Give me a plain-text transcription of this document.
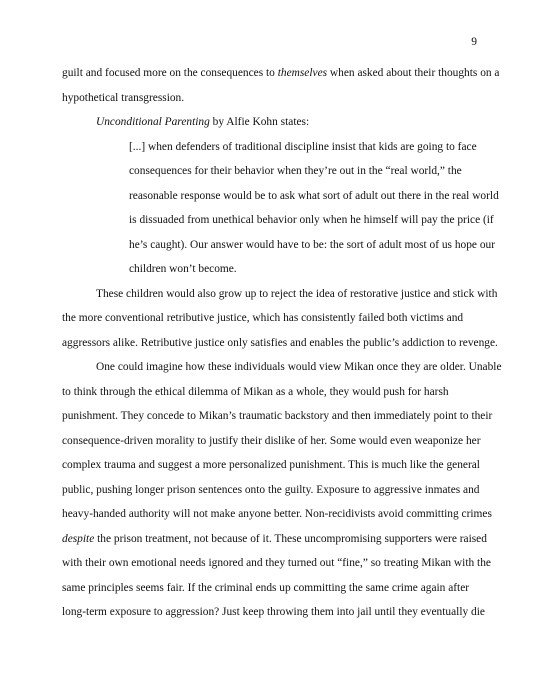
9
guilt and focused more on the consequences to themselves when asked about their thoughts on a
hypothetical transgression.
Unconditional Parenting by Alfie Kohn states:
[...] when defenders of traditional discipline insist that kids are going to face
consequences for their behavior when they’re out in the “real world,” the
reasonable response would be to ask what sort of adult out there in the real world
is dissuaded from unethical behavior only when he himself will pay the price (if
he’s caught). Our answer would have to be: the sort of adult most of us hope our
children won’t become.
These children would also grow up to reject the idea of restorative justice and stick with
the more conventional retributive justice, which has consistently failed both victims and
aggressors alike. Retributive justice only satisfies and enables the public’s addiction to revenge.
One could imagine how these individuals would view Mikan once they are older. Unable
to think through the ethical dilemma of Mikan as a whole, they would push for harsh
punishment. They concede to Mikan’s traumatic backstory and then immediately point to their
consequence-driven morality to justify their dislike of her. Some would even weaponize her
complex trauma and suggest a more personalized punishment. This is much like the general
public, pushing longer prison sentences onto the guilty. Exposure to aggressive inmates and
heavy-handed authority will not make anyone better. Non-recidivists avoid committing crimes
despite the prison treatment, not because of it. These uncompromising supporters were raised
with their own emotional needs ignored and they turned out “fine,” so treating Mikan with the
same principles seems fair. If the criminal ends up committing the same crime again after
long-term exposure to aggression? Just keep throwing them into jail until they eventually die
